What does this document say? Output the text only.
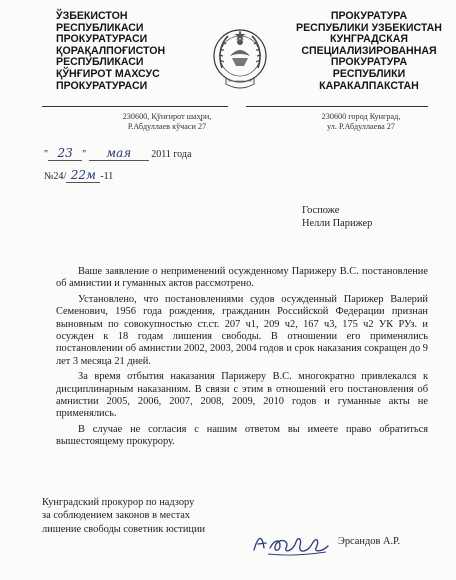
ЎЗБЕКИСТОН
РЕСПУБЛИКАСИ
ПРОКУРАТУРАСИ
ҚОРАҚАЛПОҒИСТОН
РЕСПУБЛИКАСИ
ҚЎНҒИРОТ МАХСУС
ПРОКУРАТУРАСИ
ПРОКУРАТУРА
РЕСПУБЛИКИ УЗБЕКИСТАН
КУНГРАДСКАЯ
СПЕЦИАЛИЗИРОВАННАЯ
ПРОКУРАТУРА
РЕСПУБЛИКИ
КАРАКАЛПАКСТАН
230600, Қўнғирот шаҳри,
Р.Абдуллаев кўчаси 27
230600 город Кунград,
ул. Р.Абдуллаева 27
" 23 " мая 2011 года
№24/ 22м -11
Госпоже
Нелли Парижер

Ваше заявление о неприменений осужденному Парижеру В.С. постановление об амнистии и гуманных актов рассмотрено.

Установлено, что постановлениями судов осужденный Парижер Валерий Семенович, 1956 года рождения, гражданин Российской Федерации признан выновным по совокупностью ст.ст. 207 ч1, 209 ч2, 167 ч3, 175 ч2 УК РУз. и осужден к 18 годам лишения свободы. В отношении его применялись постановлении об амнистии 2002, 2003, 2004 годов и срок наказания сокращен до 9 лет 3 месяца 21 дней.

За время отбытия наказания Парижеру В.С. многократно привлекался к дисциплинарным наказаниям. В связи с этим в отношений его постановления об амнистии 2005, 2006, 2007, 2008, 2009, 2010 годов и гуманные акты не применялись.

В случае не согласия с нашим ответом вы имеете право обратиться вышестоящему прокурору.

Кунградский прокурор по надзору
за соблюдением законов в местах
лишение свободы советник юстиции
Эрсандов А.Р.
